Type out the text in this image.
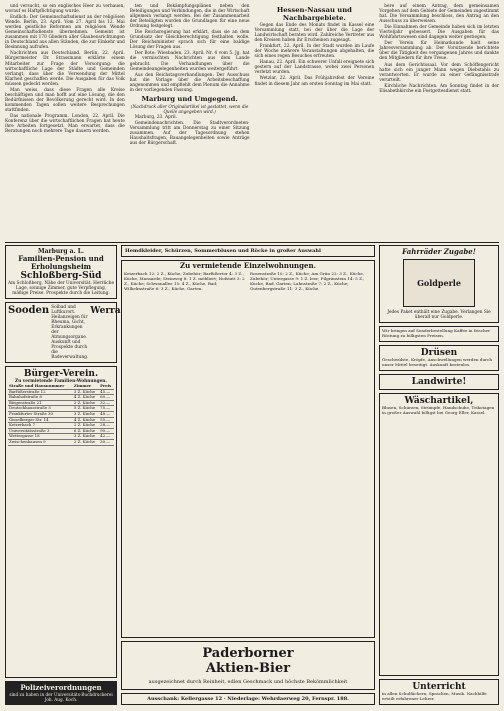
und versucht, so ein englisches Heer zu verhauen, worauf es Haftpflichtigung wurde.

Endlich: Der Gemeinschaftsdienst an der religiösen Wende. Berlin, 23. April. Vom 27. April bis 12. Mai werden geistliche Reformen am religiösen Wende Gemeinschaftsdienste übernehmen. Gemeint ist zusammen mit 170 Gliedern aller Glaubensrichtungen in Deutschland aus allen Ständen, die zur Einkehr und Besinnung aufrufen.

Nachrichten aus Deutschland. Berlin, 22. April. Bürgermeister Dr. Strassmann erklärte einem Mitarbeiter zur Frage der Versorgung: die wirtschaftliche Lage der Städte und Gemeinden verlangt, dass über die Verwendung der Mittel Klarheit geschaffen werde. Die Ausgaben für das Volk müssen gedeckt werden.

Man weiss, dass diese Fragen alle Kreise beschäftigen und man hofft auf eine Lösung, die den Bedürfnissen der Bevölkerung gerecht wird. In den kommenden Tagen sollen weitere Besprechungen stattfinden.

Das nationale Programm. London, 22. April. Die Konferenz über die wirtschaftlichen Fragen hat heute ihre Arbeiten fortgesetzt. Man erwartet, dass die Beratungen noch mehrere Tage dauern werden.

ten und Bekämpfungsplänen neben den Beteiligungen und Verbindungen, die in der Wirtschaft allgemein verlangt werden. Bei der Zusammenarbeit der Beteiligten wurden die Grundlagen für eine neue Ordnung festgelegt.

Die Reichsregierung hat erklärt, dass sie an dem Grundsatz der Gleichberechtigung festhalten wolle. Der Reichsminister sprach sich für eine baldige Lösung der Fragen aus.

Der Bote: Wiesbaden, 23. April. Nr. 4 vom 5. Jg. hat die vermischten Nachrichten aus dem Lande gebracht. Die Verhandlungen über die Gemeindeangelegenheiten wurden weitergeführt.

Aus den Reichstagsverhandlungen: Der Ausschuss hat die Vorlage über die Arbeitsbeschaffung angenommen und empfiehlt dem Plenum die Annahme in der vorliegenden Fassung.

Marburg und Umgegend.
(Nachdruck aller Originalartikel ist gestattet, wenn die Quelle angegeben wird.)

Marburg, 23. April.

Gemeindenachrichten. Die Stadtverordneten-Versammlung tritt am Donnerstag zu einer Sitzung zusammen. Auf der Tagesordnung stehen Haushaltsfragen, Bauangelegenheiten sowie Anträge aus der Bürgerschaft.

Hessen-Nassau und Nachbargebiete.

Gegen das Ende des Monats findet in Kassel eine Versammlung statt, bei der über die Lage der Landwirtschaft beraten wird. Zahlreiche Vertreter aus den Kreisen haben ihr Erscheinen zugesagt.

Frankfurt, 22. April. In der Stadt wurden im Laufe der Woche mehrere Veranstaltungen abgehalten, die sich eines regen Besuches erfreuten.

Hanau, 22. April. Ein schwerer Unfall ereignete sich gestern auf der Landstrasse, wobei zwei Personen verletzt wurden.

Wetzlar, 22. April. Das Frühjahrsfest der Vereine findet in diesem Jahr am ersten Sonntag im Mai statt.

bere auf einem Antrag, dem gemeinsamen Vorgehen auf dem Gebiete der Gemeinden zugestimmt hat. Die Versammlung beschloss, den Antrag an den Ausschuss zu überweisen.

Die Einnahmen der Gemeinde haben sich im letzten Vierteljahr gebessert. Die Ausgaben für das Wohlfahrtswesen sind dagegen weiter gestiegen.

Der Verein für Heimatkunde hielt seine Jahresversammlung ab. Der Vorsitzende berichtete über die Tätigkeit des vergangenen Jahres und dankte den Mitgliedern für ihre Treue.

Aus dem Gerichtssaal. Vor dem Schöffengericht hatte sich ein junger Mann wegen Diebstahls zu verantworten. Er wurde zu einer Gefängnisstrafe verurteilt.

Kirchliche Nachrichten. Am Sonntag findet in der Elisabethkirche ein Festgottesdienst statt.

Marburg a. L.
Familien-Pension und Erholungsheim
Schloßberg-Süd
Am Schloßberg, Nähe der Universität. Herrliche Lage, sonnige Zimmer, gute Verpflegung, mäßige Preise. Prospekte durch die Leitung.
Sooden Solbad und Luftkurort. Heilanzeigen für Rheuma, Gicht, Erkrankungen der Atmungsorgane. Auskunft und Prospekte durch die Badeverwaltung.
Werra
Bürger-Verein.
Zu vermietende Familien-Wohnungen.
Straße und Hausnummer	Zimmer	Preis
Barfüßerstraße 12	3 Z. Küche	45.—
Bahnhofstraße 8	4 Z. Küche	60.—
Biegenstraße 21	2 Z. Küche	32.—
Deutschhausstraße 5	5 Z. Küche	75.—
Frankfurter Straße 30	3 Z. Küche	48.—
Gisselberger Str. 14	4 Z. Küche	55.—
Ketzerbach 7	2 Z. Küche	28.—
Universitätsstraße 3	6 Z. Küche	90.—
Wettergasse 18	3 Z. Küche	42.—
Zwischenhausen 9	2 Z. Küche	30.—
Polizeiverordnungen
sind zu haben in der Universitäts-Buchdruckerei Joh. Aug. Koch.
Hemdkleider, Schürzen, Sommerblusen und Röcke in großer Auswahl
Zu vermietende Einzelwohnungen.
Ketzerbach 12: 2 Z., Küche, Zubehör; Barfüßertor 4: 3 Z., Küche, Mansarde; Steinweg 8: 1 Z. möbliert; Hofstatt 3: 2 Z., Küche; Schwanallee 15: 4 Z., Küche, Bad; Wilhelmstraße 6: 3 Z., Küche, Garten.
Rosenstraße 10: 2 Z., Küche; Am Grün 22: 3 Z., Küche, Zubehör; Untergasse 9: 1 Z. leer; Pilgrimstein 14: 5 Z., Küche, Bad, Garten; Lahnstraße 7: 2 Z., Küche; Gutenbergstraße 11: 3 Z., Küche.
Paderborner
Aktien-Bier
ausgezeichnet durch Reinheit, edlen Geschmack und höchste Bekömmlichkeit
Ausschank: Kellergasse 12 · Niederlage: Wehrdaerweg 20, Fernspr. 188.
Fahrräder Zugabe!
Goldperle
Jedes Paket enthält eine Zugabe. Verlangen Sie überall nur Goldperle.
Wir bringen auf Sonderbestellung Kaffee in frischer Röstung zu billigsten Preisen.
Drüsen
Geschwülste, Kröpfe, Anschwellungen werden durch unser Mittel beseitigt. Auskunft kostenlos.
Landwirte!
Wäschartikel,
Blusen, Schürzen, Strümpfe, Handschuhe, Trikotagen in großer Auswahl billigst bei Georg Eller, Kassel.
Unterricht
in allen Schulfächern, Sprachen, Musik. Nachhilfe erteilt erfahrener Lehrer.
